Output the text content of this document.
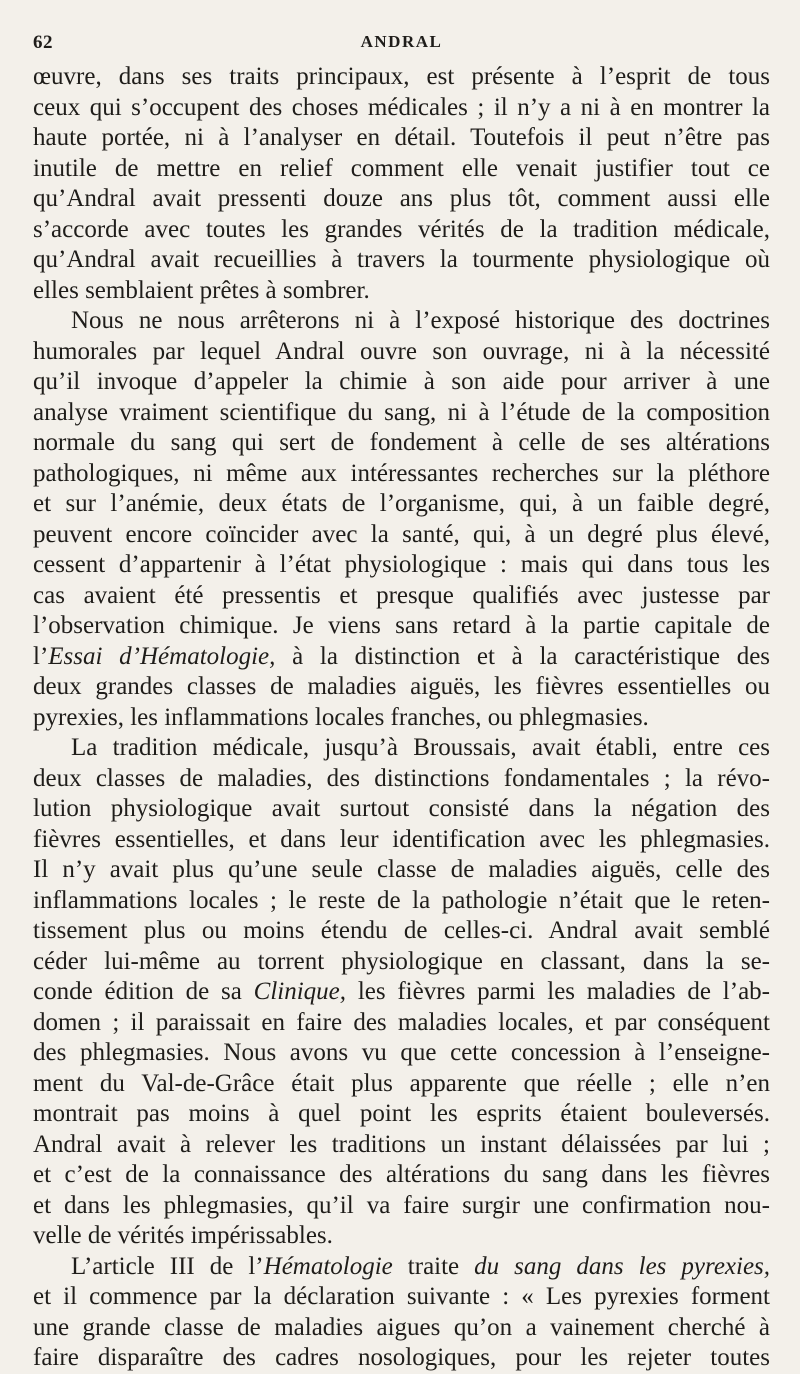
62	ANDRAL
œuvre, dans ses traits principaux, est présente à l’esprit de tous
ceux qui s’occupent des choses médicales ; il n’y a ni à en montrer la
haute portée, ni à l’analyser en détail. Toutefois il peut n’être pas
inutile de mettre en relief comment elle venait justifier tout ce
qu’Andral avait pressenti douze ans plus tôt, comment aussi elle
s’accorde avec toutes les grandes vérités de la tradition médicale,
qu’Andral avait recueillies à travers la tourmente physiologique où
elles semblaient prêtes à sombrer.
Nous ne nous arrêterons ni à l’exposé historique des doctrines
humorales par lequel Andral ouvre son ouvrage, ni à la nécessité
qu’il invoque d’appeler la chimie à son aide pour arriver à une
analyse vraiment scientifique du sang, ni à l’étude de la composition
normale du sang qui sert de fondement à celle de ses altérations
pathologiques, ni même aux intéressantes recherches sur la pléthore
et sur l’anémie, deux états de l’organisme, qui, à un faible degré,
peuvent encore coïncider avec la santé, qui, à un degré plus élevé,
cessent d’appartenir à l’état physiologique : mais qui dans tous les
cas avaient été pressentis et presque qualifiés avec justesse par
l’observation chimique. Je viens sans retard à la partie capitale de
l’Essai d’Hématologie, à la distinction et à la caractéristique des
deux grandes classes de maladies aiguës, les fièvres essentielles ou
pyrexies, les inflammations locales franches, ou phlegmasies.
La tradition médicale, jusqu’à Broussais, avait établi, entre ces
deux classes de maladies, des distinctions fondamentales ; la révo-
lution physiologique avait surtout consisté dans la négation des
fièvres essentielles, et dans leur identification avec les phlegmasies.
Il n’y avait plus qu’une seule classe de maladies aiguës, celle des
inflammations locales ; le reste de la pathologie n’était que le reten-
tissement plus ou moins étendu de celles-ci. Andral avait semblé
céder lui-même au torrent physiologique en classant, dans la se-
conde édition de sa Clinique, les fièvres parmi les maladies de l’ab-
domen ; il paraissait en faire des maladies locales, et par conséquent
des phlegmasies. Nous avons vu que cette concession à l’enseigne-
ment du Val-de-Grâce était plus apparente que réelle ; elle n’en
montrait pas moins à quel point les esprits étaient bouleversés.
Andral avait à relever les traditions un instant délaissées par lui ;
et c’est de la connaissance des altérations du sang dans les fièvres
et dans les phlegmasies, qu’il va faire surgir une confirmation nou-
velle de vérités impérissables.
L’article III de l’Hématologie traite du sang dans les pyrexies,
et il commence par la déclaration suivante : « Les pyrexies forment
une grande classe de maladies aigues qu’on a vainement cherché à
faire disparaître des cadres nosologiques, pour les rejeter toutes
